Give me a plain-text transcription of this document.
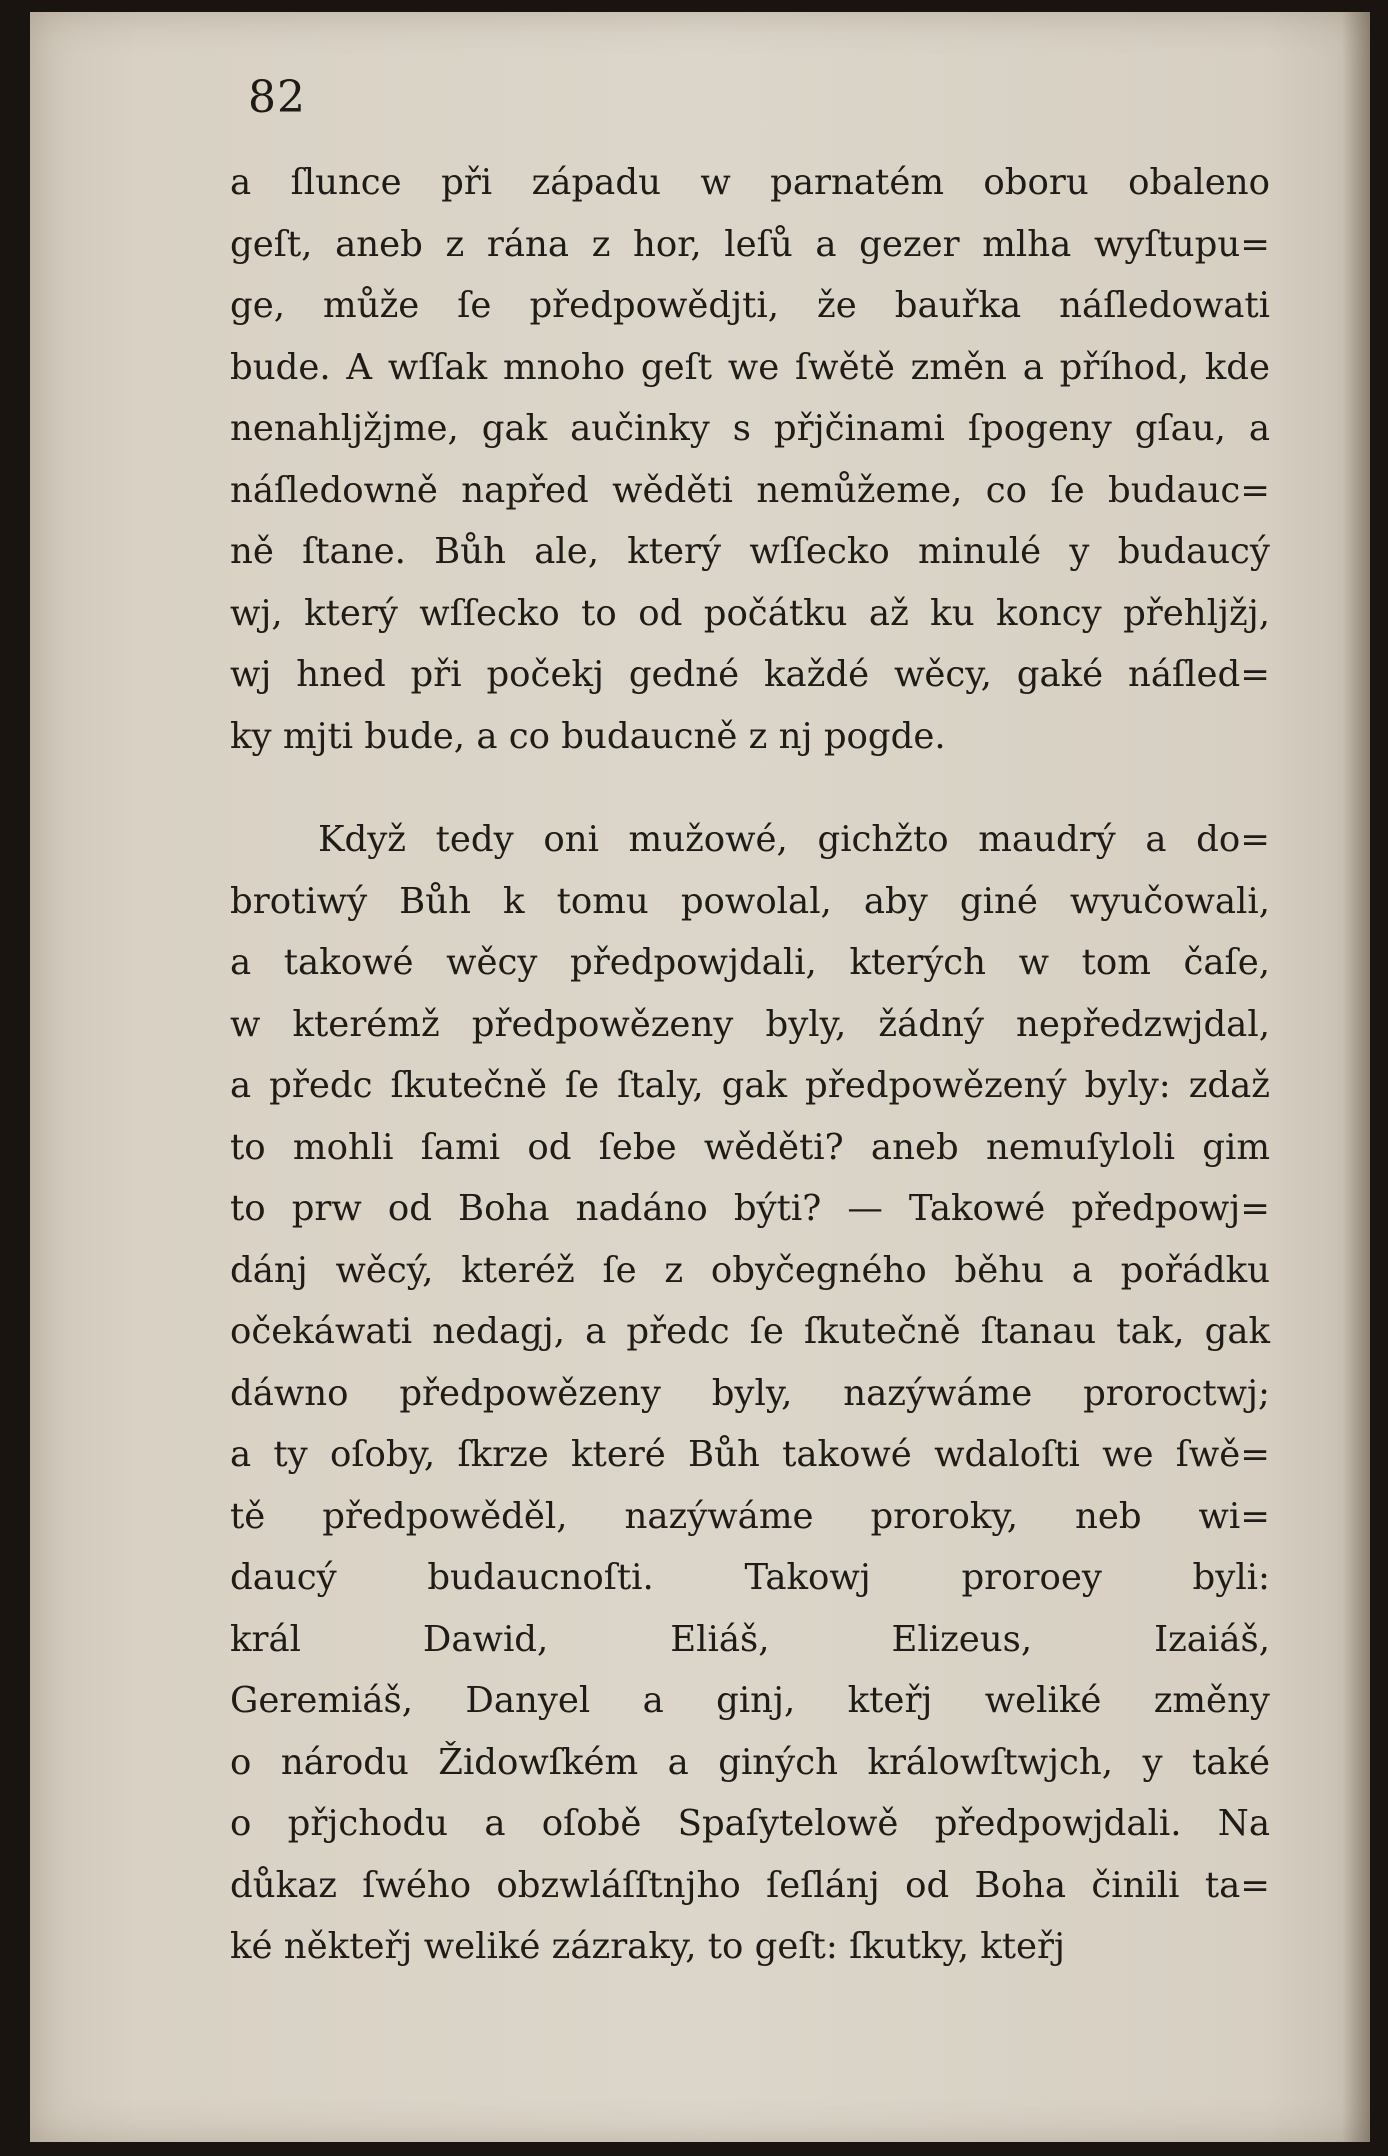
82
a ſlunce při západu w parnatém oboru obaleno
geſt, aneb z rána z hor, leſů a gezer mlha wyſtupu=
ge, může ſe předpowědjti, že bauřka náſledowati
bude. A wſſak mnoho geſt we ſwětě změn a příhod, kde
nenahljžjme, gak aučinky s přjčinami ſpogeny gſau, a
náſledowně napřed wěděti nemůžeme, co ſe budauc=
ně ſtane. Bůh ale, který wſſecko minulé y budaucý
wj, který wſſecko to od počátku až ku koncy přehljžj,
wj hned při počekj gedné každé wěcy, gaké náſled=
ky mjti bude, a co budaucně z nj pogde.
Když tedy oni mužowé, gichžto maudrý a do=
brotiwý Bůh k tomu powolal, aby giné wyučowali,
a takowé wěcy předpowjdali, kterých w tom čaſe,
w kterémž předpowězeny byly, žádný nepředzwjdal,
a předc ſkutečně ſe ſtaly, gak předpowězený byly: zdaž
to mohli ſami od ſebe wěděti? aneb nemuſyloli gim
to prw od Boha nadáno býti? — Takowé předpowj=
dánj wěcý, kteréž ſe z obyčegného běhu a pořádku
očekáwati nedagj, a předc ſe ſkutečně ſtanau tak, gak
dáwno předpowězeny byly, nazýwáme proroctwj;
a ty oſoby, ſkrze které Bůh takowé wdaloſti we ſwě=
tě předpowěděl, nazýwáme proroky, neb wi=
daucý budaucnoſti. Takowj proroey byli:
král Dawid, Eliáš, Elizeus, Izaiáš,
Geremiáš, Danyel a ginj, kteřj weliké změny
o národu Židowſkém a giných králowſtwjch, y také
o přjchodu a oſobě Spaſytelowě předpowjdali. Na
důkaz ſwého obzwláſſtnjho ſeſlánj od Boha činili ta=
ké někteřj weliké zázraky, to geſt: ſkutky, kteřj
